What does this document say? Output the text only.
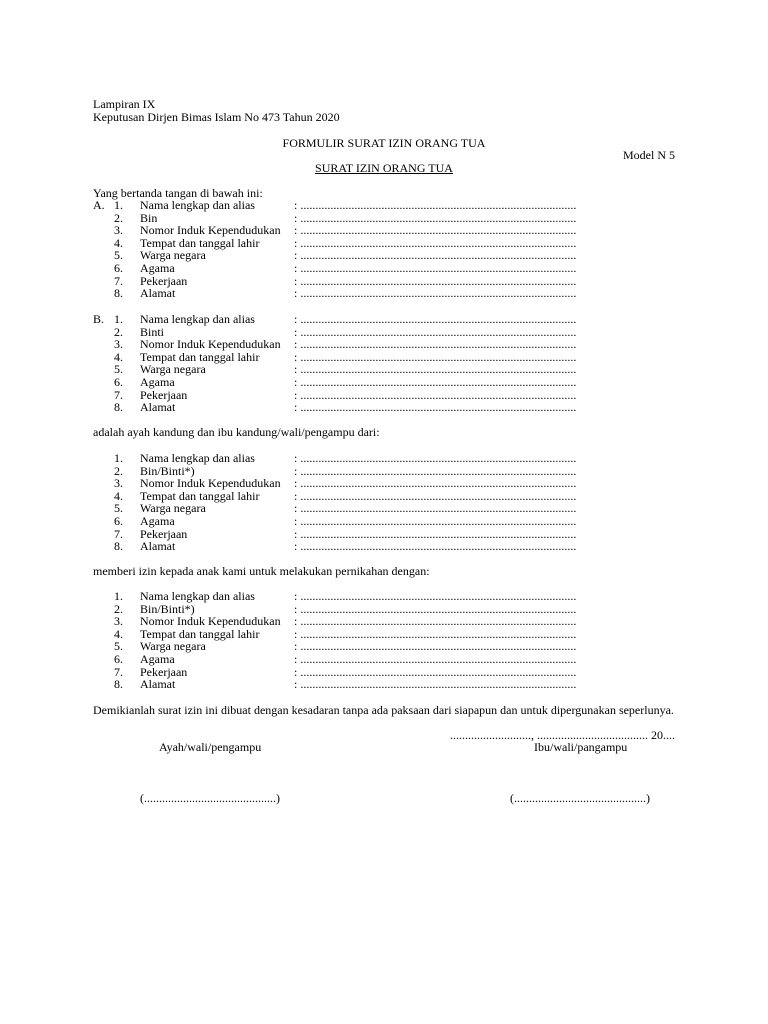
Lampiran IX
Keputusan Dirjen Bimas Islam No 473 Tahun 2020
FORMULIR SURAT IZIN ORANG TUA
Model N 5
SURAT IZIN ORANG TUA
Yang bertanda tangan di bawah ini:
A. 1. Nama lengkap dan alias	: ............................................................................................
2. Bin	: ............................................................................................
3. Nomor Induk Kependudukan : ............................................................................................
4. Tempat dan tanggal lahir	: ............................................................................................
5. Warga negara	: ............................................................................................
6. Agama	: ............................................................................................
7. Pekerjaan	: ............................................................................................
8. Alamat	: ............................................................................................
B. 1. Nama lengkap dan alias	: ............................................................................................
2. Binti	: ............................................................................................
3. Nomor Induk Kependudukan : ............................................................................................
4. Tempat dan tanggal lahir	: ............................................................................................
5. Warga negara	: ............................................................................................
6. Agama	: ............................................................................................
7. Pekerjaan	: ............................................................................................
8. Alamat	: ............................................................................................
adalah ayah kandung dan ibu kandung/wali/pengampu dari:
1. Nama lengkap dan alias	: ............................................................................................
2. Bin/Binti*)	: ............................................................................................
3. Nomor Induk Kependudukan : ............................................................................................
4. Tempat dan tanggal lahir	: ............................................................................................
5. Warga negara	: ............................................................................................
6. Agama	: ............................................................................................
7. Pekerjaan	: ............................................................................................
8. Alamat	: ............................................................................................
memberi izin kepada anak kami untuk melakukan pernikahan dengan:
1. Nama lengkap dan alias	: ............................................................................................
2. Bin/Binti*)	: ............................................................................................
3. Nomor Induk Kependudukan : ............................................................................................
4. Tempat dan tanggal lahir	: ............................................................................................
5. Warga negara	: ............................................................................................
6. Agama	: ............................................................................................
7. Pekerjaan	: ............................................................................................
8. Alamat	: ............................................................................................
Demikianlah surat izin ini dibuat dengan kesadaran tanpa ada paksaan dari siapapun dan untuk dipergunakan seperlunya.
..........................., ..................................... 20....
Ayah/wali/pengampu	Ibu/wali/pangampu
(............................................)	(............................................)
